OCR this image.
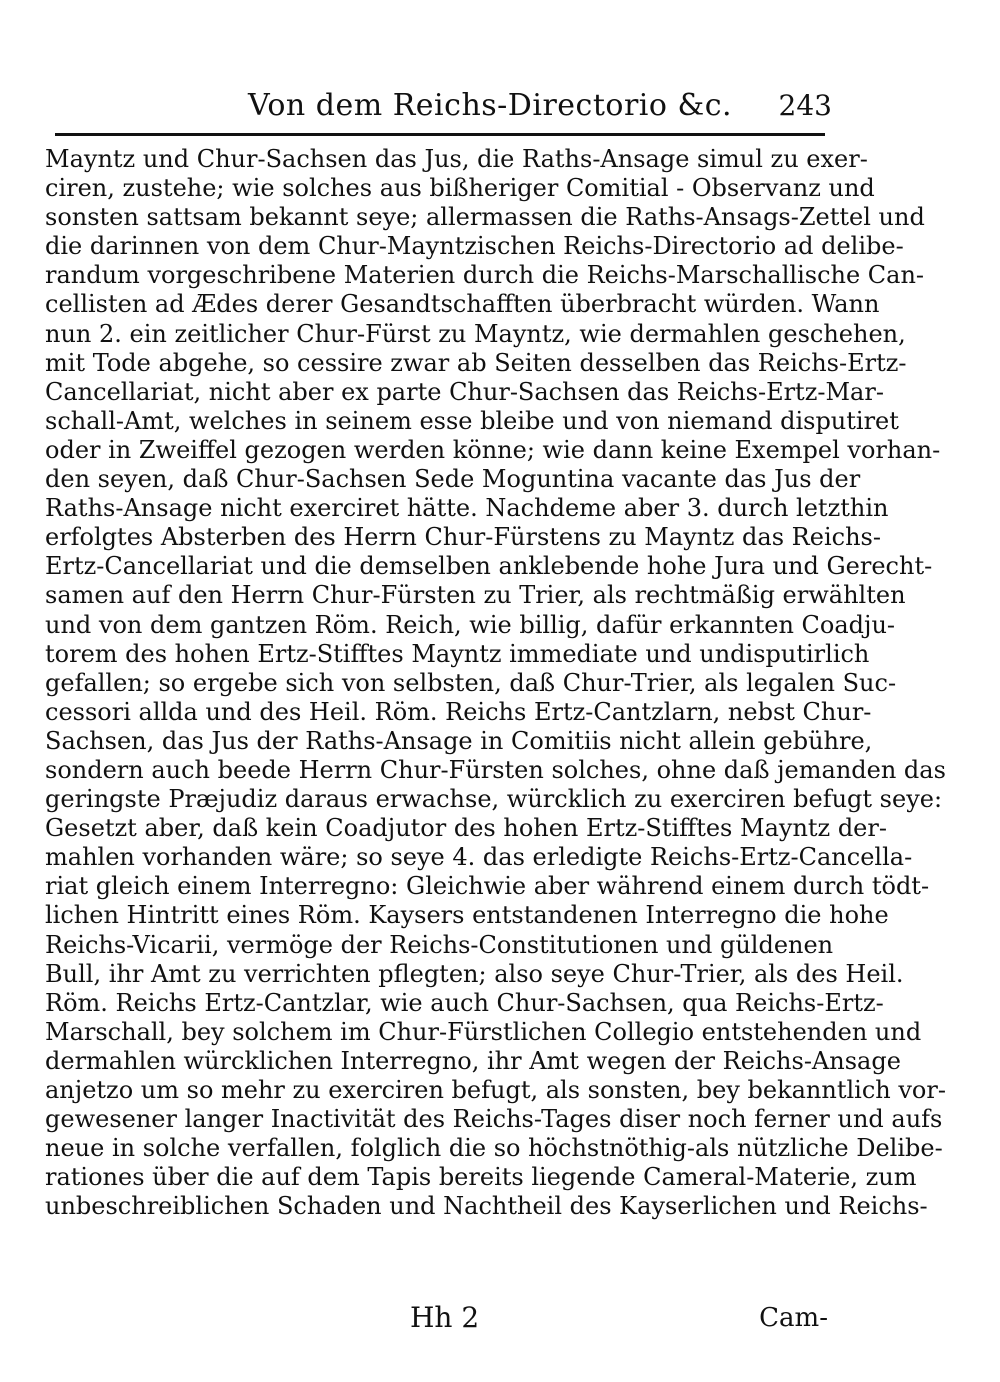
Von dem Reichs-Directorio &c.	243
Mayntz und Chur-Sachsen das Jus, die Raths-Ansage simul zu exer-
ciren, zustehe; wie solches aus bißheriger Comitial - Observanz und
sonsten sattsam bekannt seye; allermassen die Raths-Ansags-Zettel und
die darinnen von dem Chur-Mayntzischen Reichs-Directorio ad delibe-
randum vorgeschribene Materien durch die Reichs-Marschallische Can-
cellisten ad Ædes derer Gesandtschafften überbracht würden. Wann
nun 2. ein zeitlicher Chur-Fürst zu Mayntz, wie dermahlen geschehen,
mit Tode abgehe, so cessire zwar ab Seiten desselben das Reichs-Ertz-
Cancellariat, nicht aber ex parte Chur-Sachsen das Reichs-Ertz-Mar-
schall-Amt, welches in seinem esse bleibe und von niemand disputiret
oder in Zweiffel gezogen werden könne; wie dann keine Exempel vorhan-
den seyen, daß Chur-Sachsen Sede Moguntina vacante das Jus der
Raths-Ansage nicht exerciret hätte. Nachdeme aber 3. durch letzthin
erfolgtes Absterben des Herrn Chur-Fürstens zu Mayntz das Reichs-
Ertz-Cancellariat und die demselben anklebende hohe Jura und Gerecht-
samen auf den Herrn Chur-Fürsten zu Trier, als rechtmäßig erwählten
und von dem gantzen Röm. Reich, wie billig, dafür erkannten Coadju-
torem des hohen Ertz-Stifftes Mayntz immediate und undisputirlich
gefallen; so ergebe sich von selbsten, daß Chur-Trier, als legalen Suc-
cessori allda und des Heil. Röm. Reichs Ertz-Cantzlarn, nebst Chur-
Sachsen, das Jus der Raths-Ansage in Comitiis nicht allein gebühre,
sondern auch beede Herrn Chur-Fürsten solches, ohne daß jemanden das
geringste Præjudiz daraus erwachse, würcklich zu exerciren befugt seye:
Gesetzt aber, daß kein Coadjutor des hohen Ertz-Stifftes Mayntz der-
mahlen vorhanden wäre; so seye 4. das erledigte Reichs-Ertz-Cancella-
riat gleich einem Interregno: Gleichwie aber während einem durch tödt-
lichen Hintritt eines Röm. Kaysers entstandenen Interregno die hohe
Reichs-Vicarii, vermöge der Reichs-Constitutionen und güldenen
Bull, ihr Amt zu verrichten pflegten; also seye Chur-Trier, als des Heil.
Röm. Reichs Ertz-Cantzlar, wie auch Chur-Sachsen, qua Reichs-Ertz-
Marschall, bey solchem im Chur-Fürstlichen Collegio entstehenden und
dermahlen würcklichen Interregno, ihr Amt wegen der Reichs-Ansage
anjetzo um so mehr zu exerciren befugt, als sonsten, bey bekanntlich vor-
gewesener langer Inactivität des Reichs-Tages diser noch ferner und aufs
neue in solche verfallen, folglich die so höchstnöthig-als nützliche Delibe-
rationes über die auf dem Tapis bereits liegende Cameral-Materie, zum
unbeschreiblichen Schaden und Nachtheil des Kayserlichen und Reichs-
Hh 2	Cam-
